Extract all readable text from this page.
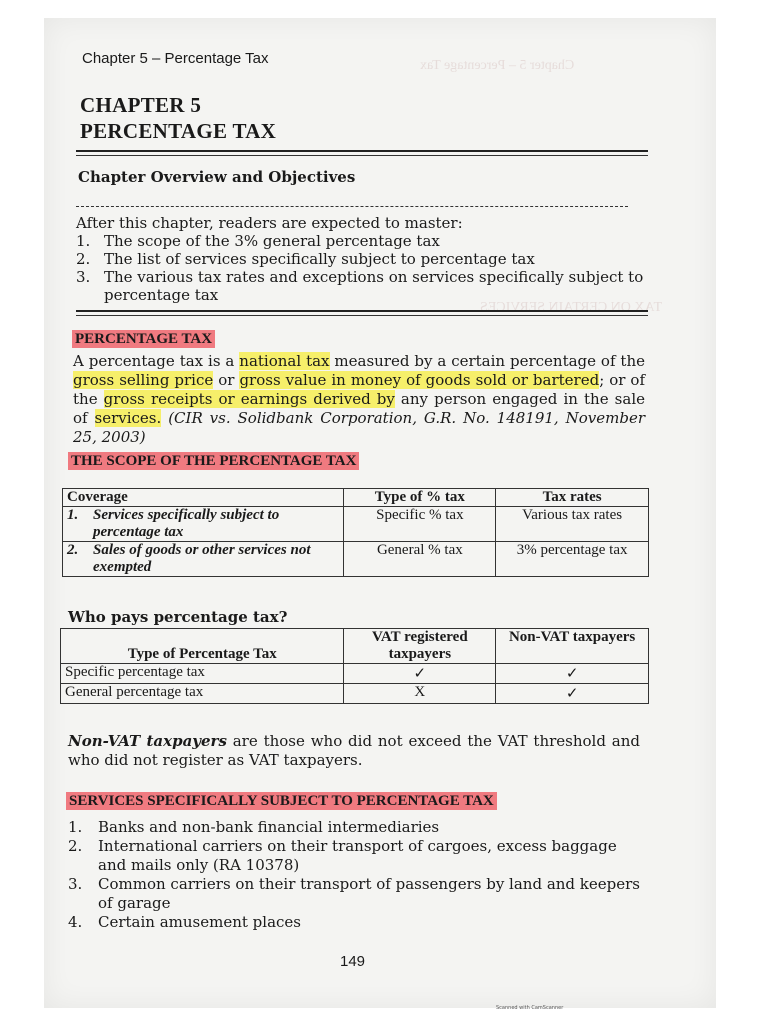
Chapter 5 – Percentage Tax
TAX ON CERTAIN SERVICES
Chapter 5 – Percentage Tax
CHAPTER 5
PERCENTAGE TAX
Chapter Overview and Objectives
After this chapter, readers are expected to master:
1. The scope of the 3% general percentage tax
2. The list of services specifically subject to percentage tax
3. The various tax rates and exceptions on services specifically subject to percentage tax
PERCENTAGE TAX
A percentage tax is a national tax measured by a certain percentage of the gross selling price or gross value in money of goods sold or bartered; or of the gross receipts or earnings derived by any person engaged in the sale of services. (CIR vs. Solidbank Corporation, G.R. No. 148191, November 25, 2003)
THE SCOPE OF THE PERCENTAGE TAX
Coverage	Type of % tax	Tax rates

1. Services specifically subject to percentage tax	Specific % tax	Various tax rates

2. Sales of goods or other services not exempted	General % tax	3% percentage tax
Who pays percentage tax?
Type of Percentage Tax	VAT registered taxpayers	Non-VAT taxpayers
Specific percentage tax	✓	✓
General percentage tax	X	✓
Non-VAT taxpayers are those who did not exceed the VAT threshold and who did not register as VAT taxpayers.
SERVICES SPECIFICALLY SUBJECT TO PERCENTAGE TAX
1.	Banks and non-bank financial intermediaries
2.	International carriers on their transport of cargoes, excess baggage and mails only (RA 10378)
3.	Common carriers on their transport of passengers by land and keepers of garage
4.	Certain amusement places
149
Scanned with CamScanner
